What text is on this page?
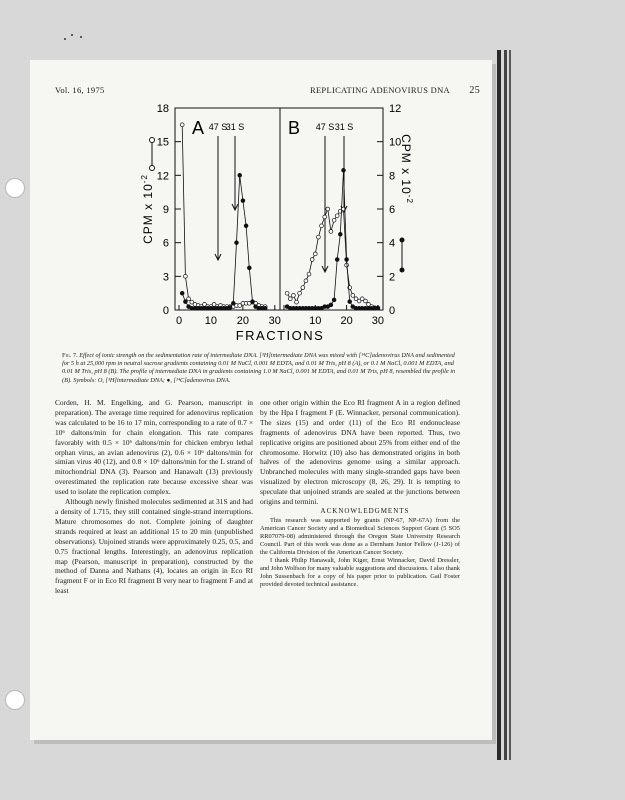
Vol. 16, 1975	REPLICATING ADENOVIRUS DNA 25
18
15
12
9
6
3
0
12
10
8
6
4
2
0
0 10 20 30	10 20 30
FRACTIONS
CPM x $10^{-2}$	CPM x $10^{-2}$
A	B
47 S
31 S	47 S 31 S
Fig. 7. Effect of ionic strength on the sedimentation rate of intermediate DNA. [³H]intermediate DNA was mixed with [¹⁴C]adenovirus DNA and sedimented for 5 h at 25,000 rpm in neutral sucrose gradients containing 0.01 M NaCl, 0.001 M EDTA, and 0.01 M Tris, pH 8 (A), or 0.1 M NaCl, 0.001 M EDTA, and 0.01 M Tris, pH 8 (B). The profile of intermediate DNA in gradients containing 1.0 M NaCl, 0.001 M EDTA, and 0.01 M Tris, pH 8, resembled the profile in (B). Symbols: O, [³H]intermediate DNA; ●, [¹⁴C]adenovirus DNA.

Corden, H. M. Engelking, and G. Pearson, manuscript in preparation). The average time required for adenovirus replication was calculated to be 16 to 17 min, corresponding to a rate of 0.7 × 10⁶ daltons/min for chain elongation. This rate compares favorably with 0.5 × 10⁶ daltons/min for chicken embryo lethal orphan virus, an avian adenovirus (2), 0.6 × 10⁶ daltons/min for simian virus 40 (12), and 0.8 × 10⁶ daltons/min for the L strand of mitochondrial DNA (3). Pearson and Hanawalt (13) previously overestimated the replication rate because excessive shear was used to isolate the replication complex.

Although newly finished molecules sedimented at 31S and had a density of 1.715, they still contained single-strand interruptions. Mature chromosomes do not. Complete joining of daughter strands required at least an additional 15 to 20 min (unpublished observations). Unjoined strands were approximately 0.25, 0.5, and 0.75 fractional lengths. Interestingly, an adenovirus replication map (Pearson, manuscript in preparation), constructed by the method of Danna and Nathans (4), locates an origin in Eco RI fragment F or in Eco RI fragment B very near to fragment F and at least

one other origin within the Eco RI fragment A in a region defined by the Hpa I fragment F (E. Winnacker, personal communication). The sizes (15) and order (11) of the Eco RI endonuclease fragments of adenovirus DNA have been reported. Thus, two replicative origins are positioned about 25% from either end of the chromosome. Horwitz (10) also has demonstrated origins in both halves of the adenovirus genome using a similar approach. Unbranched molecules with many single-stranded gaps have been visualized by electron microscopy (8, 26, 29). It is tempting to speculate that unjoined strands are sealed at the junctions between origins and termini.

ACKNOWLEDGMENTS

This research was supported by grants (NP-67, NP-67A) from the American Cancer Society and a Biomedical Sciences Support Grant (5 SO5 RR07079-08) administered through the Oregon State University Research Council. Part of this work was done as a Dernham Junior Fellow (J-126) of the California Division of the American Cancer Society.

I thank Philip Hanawalt, John Kiger, Ernst Winnacker, David Dressler, and John Wolfson for many valuable suggestions and discussions. I also thank John Sussenbach for a copy of his paper prior to publication. Gail Foster provided devoted technical assistance.
